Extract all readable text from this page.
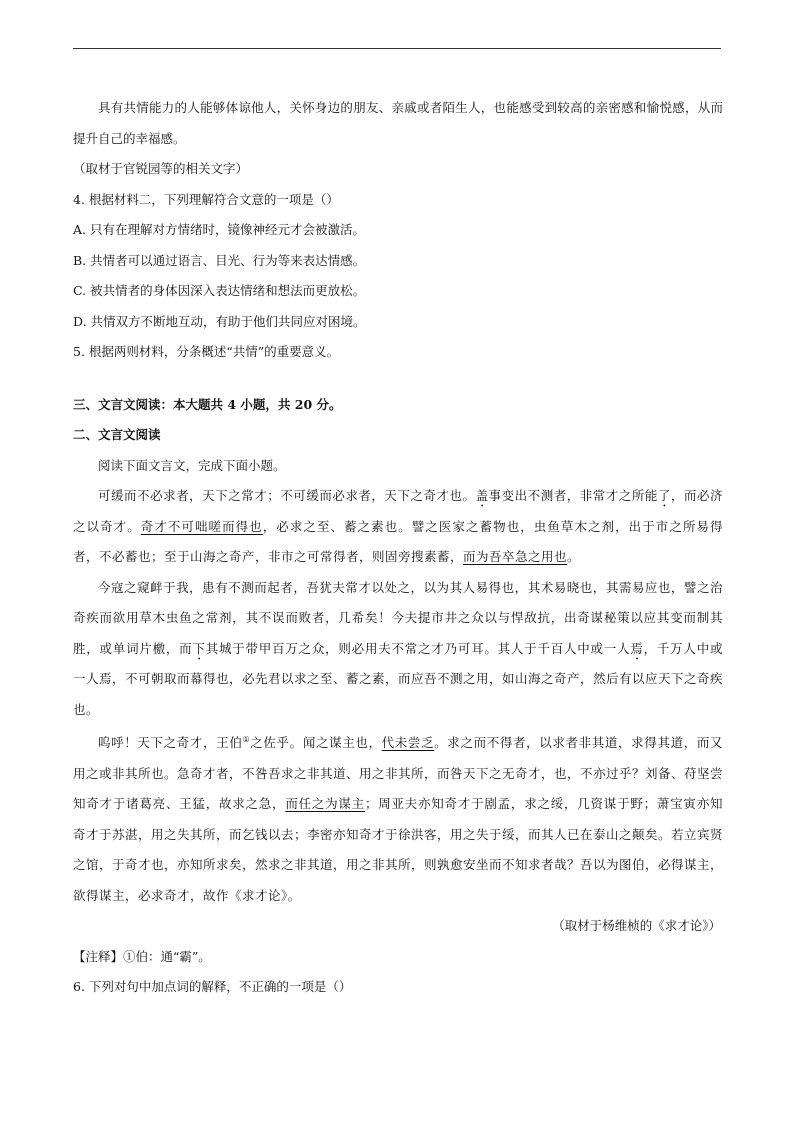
具有共情能力的人能够体谅他人，关怀身边的朋友、亲戚或者陌生人，也能感受到较高的亲密感和愉悦感，从而提升自己的幸福感。

（取材于官锐园等的相关文字）

4. 根据材料二，下列理解符合文意的一项是（）

A. 只有在理解对方情绪时，镜像神经元才会被激活。

B. 共情者可以通过语言、目光、行为等来表达情感。

C. 被共情者的身体因深入表达情绪和想法而更放松。

D. 共情双方不断地互动，有助于他们共同应对困境。

5. 根据两则材料，分条概述“共情”的重要意义。

三、文言文阅读：本大题共 4 小题，共 20 分。

二、文言文阅读

阅读下面文言文，完成下面小题。

可缓而不必求者，天下之常才；不可缓而必求者，天下之奇才也。盖事变出不测者，非常才之所能了，而必济之以奇才。奇才不可咄嗟而得也，必求之至、蓄之素也。譬之医家之蓄物也，虫鱼草木之剂，出于市之所易得者，不必蓄也；至于山海之奇产，非市之可常得者，则固旁搜素蓄，而为吾卒急之用也。

今寇之窥衅于我，患有不测而起者，吾犹夫常才以处之，以为其人易得也，其术易晓也，其需易应也，譬之治奇疾而欲用草木虫鱼之常剂，其不误而败者，几希矣！今夫提市井之众以与悍敌抗，出奇谋秘策以应其变而制其胜，或单词片檄，而下其城于带甲百万之众，则必用夫不常之才乃可耳。其人于千百人中或一人焉，千万人中或一人焉，不可朝取而幕得也，必先君以求之至、蓄之素，而应吾不测之用，如山海之奇产，然后有以应天下之奇疾也。

呜呼！天下之奇才，王伯①之佐乎。闻之谋主也，代未尝乏。求之而不得者，以求者非其道，求得其道，而又用之或非其所也。急奇才者，不咎吾求之非其道、用之非其所，而咎天下之无奇才，也，不亦过乎？刘备、苻坚尝知奇才于诸葛亮、王猛，故求之急，而任之为谋主；周亚夫亦知奇才于剧孟，求之绥，几资谋于野；萧宝寅亦知奇才于苏湛，用之失其所，而乞钱以去；李密亦知奇才于徐洪客，用之失于绥，而其人已在泰山之颠矣。若立宾贤之馆，于奇才也，亦知所求矣，然求之非其道，用之非其所，则孰愈安坐而不知求者哉？吾以为图伯，必得谋主，欲得谋主，必求奇才，故作《求才论》。

（取材于杨维桢的《求才论》）

【注释】①伯：通“霸”。

6. 下列对句中加点词的解释，不正确的一项是（）
